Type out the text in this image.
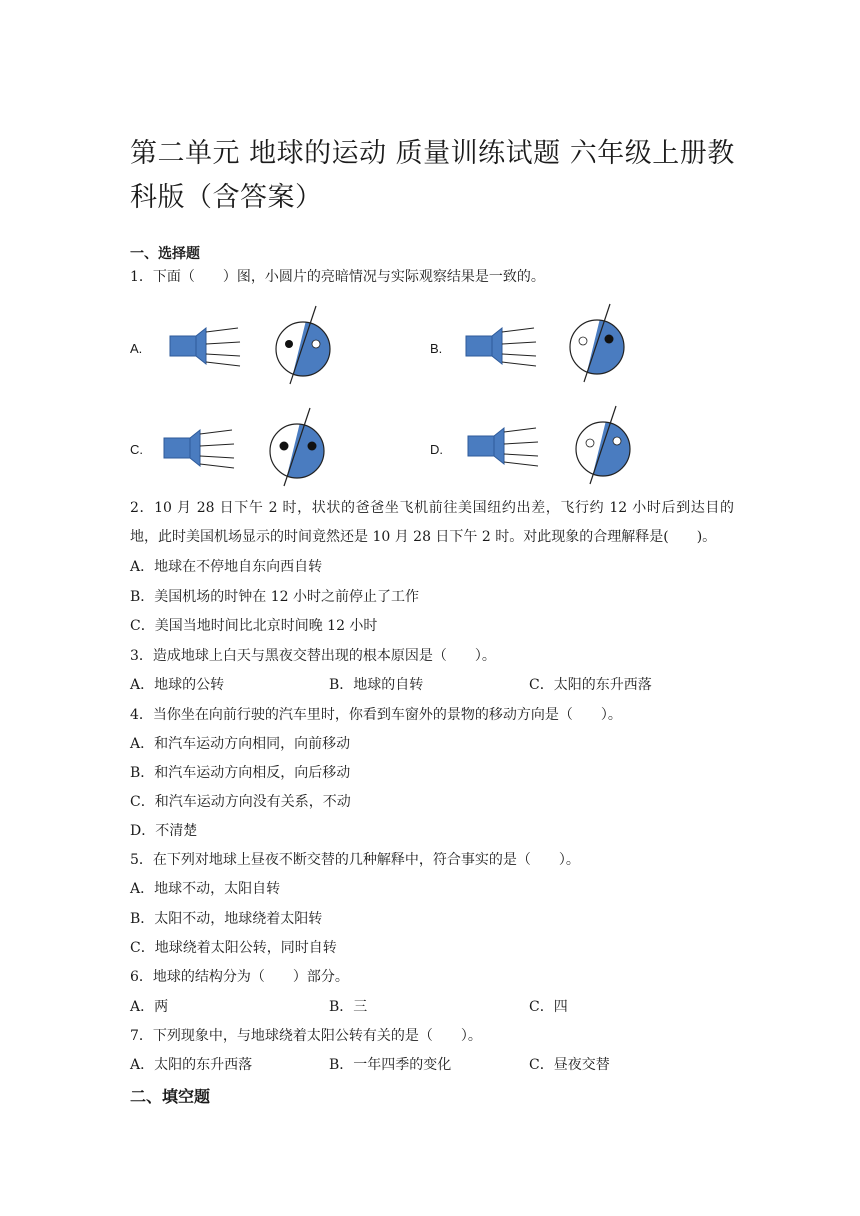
第二单元 地球的运动 质量训练试题 六年级上册教科版（含答案）
一、选择题
1．下面（　　）图，小圆片的亮暗情况与实际观察结果是一致的。
A.	B.
C.	D.
2．10 月 28 日下午 2 时，状状的爸爸坐飞机前往美国纽约出差，飞行约 12 小时后到达目的地，此时美国机场显示的时间竟然还是 10 月 28 日下午 2 时。对此现象的合理解释是(　　)。
A．地球在不停地自东向西自转
B．美国机场的时钟在 12 小时之前停止了工作
C．美国当地时间比北京时间晚 12 小时
3．造成地球上白天与黑夜交替出现的根本原因是（　　）。
A．地球的公转	B．地球的自转	C．太阳的东升西落
4．当你坐在向前行驶的汽车里时，你看到车窗外的景物的移动方向是（　　）。
A．和汽车运动方向相同，向前移动
B．和汽车运动方向相反，向后移动
C．和汽车运动方向没有关系，不动
D．不清楚
5．在下列对地球上昼夜不断交替的几种解释中，符合事实的是（　　）。
A．地球不动，太阳自转
B．太阳不动，地球绕着太阳转
C．地球绕着太阳公转，同时自转
6．地球的结构分为（　　）部分。
A．两	B．三	C．四
7．下列现象中，与地球绕着太阳公转有关的是（　　）。
A．太阳的东升西落	B．一年四季的变化	C．昼夜交替
二、填空题
